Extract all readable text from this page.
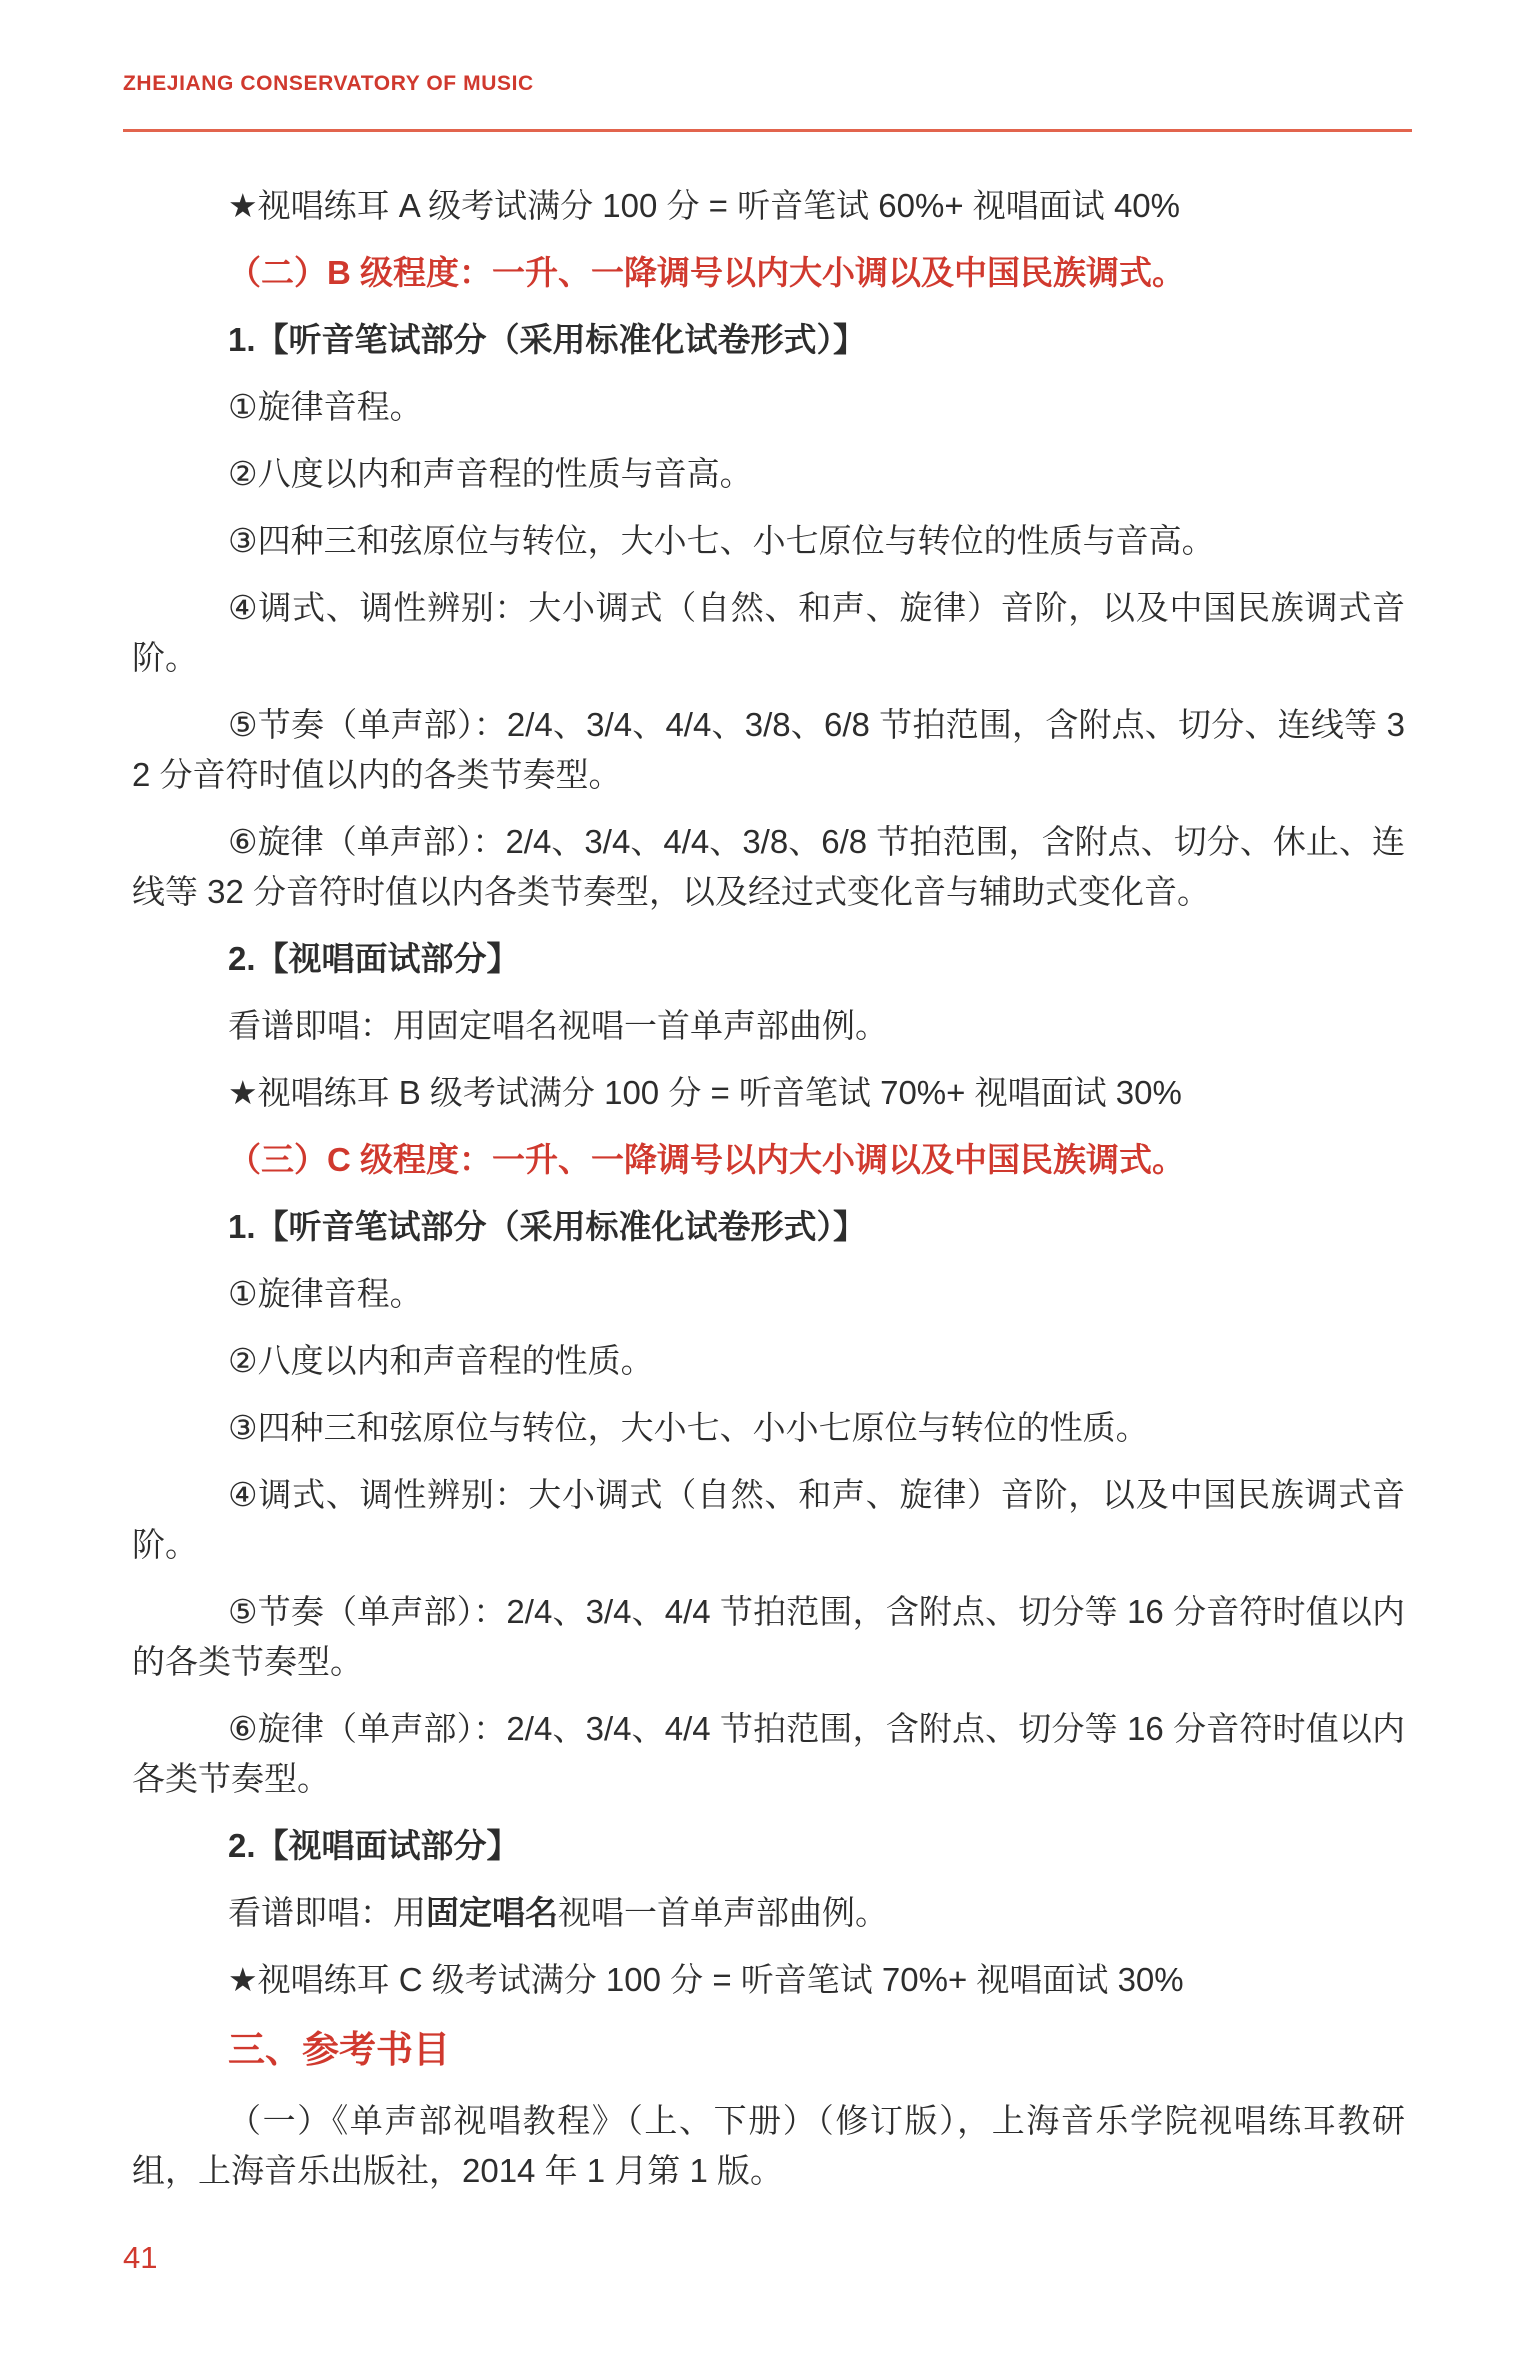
ZHEJIANG CONSERVATORY OF MUSIC

★视唱练耳 A 级考试满分 100 分 = 听音笔试 60%+ 视唱面试 40%

（二）B 级程度：一升、一降调号以内大小调以及中国民族调式。

1.【听音笔试部分（采用标准化试卷形式）】

①旋律音程。

②八度以内和声音程的性质与音高。

③四种三和弦原位与转位，大小七、小七原位与转位的性质与音高。

④调式、调性辨别：大小调式（自然、和声、旋律）音阶，以及中国民族调式音阶。

⑤节奏（单声部）：2/4、3/4、4/4、3/8、6/8 节拍范围，含附点、切分、连线等 32 分音符时值以内的各类节奏型。

⑥旋律（单声部）：2/4、3/4、4/4、3/8、6/8 节拍范围，含附点、切分、休止、连线等 32 分音符时值以内各类节奏型，以及经过式变化音与辅助式变化音。

2.【视唱面试部分】

看谱即唱：用固定唱名视唱一首单声部曲例。

★视唱练耳 B 级考试满分 100 分 = 听音笔试 70%+ 视唱面试 30%

（三）C 级程度：一升、一降调号以内大小调以及中国民族调式。

1.【听音笔试部分（采用标准化试卷形式）】

①旋律音程。

②八度以内和声音程的性质。

③四种三和弦原位与转位，大小七、小小七原位与转位的性质。

④调式、调性辨别：大小调式（自然、和声、旋律）音阶，以及中国民族调式音阶。

⑤节奏（单声部）：2/4、3/4、4/4 节拍范围，含附点、切分等 16 分音符时值以内的各类节奏型。

⑥旋律（单声部）：2/4、3/4、4/4 节拍范围，含附点、切分等 16 分音符时值以内各类节奏型。

2.【视唱面试部分】

看谱即唱：用固定唱名视唱一首单声部曲例。

★视唱练耳 C 级考试满分 100 分 = 听音笔试 70%+ 视唱面试 30%

三、参考书目

（一）《单声部视唱教程》（上、下册）（修订版），上海音乐学院视唱练耳教研组，上海音乐出版社，2014 年 1 月第 1 版。

41
